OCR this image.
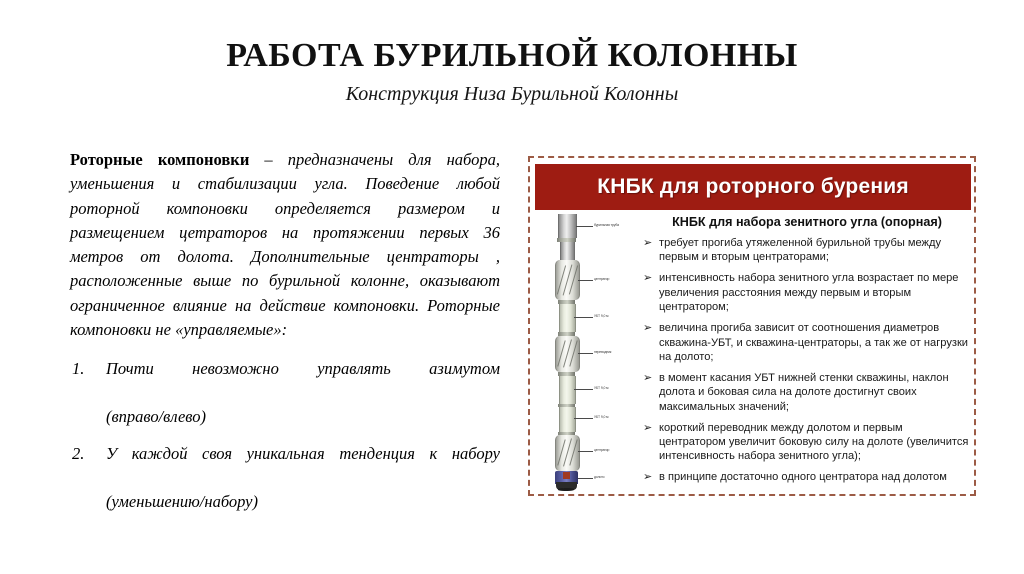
РАБОТА БУРИЛЬНОЙ КОЛОННЫ
Конструкция Низа Бурильной Колонны

Роторные компоновки – предназначены для набора, уменьшения и стабилизации угла. Поведение любой роторной компоновки определяется размером и размещением цетраторов на протяжении первых 36 метров от долота. Дополнительные центраторы , расположенные выше по бурильной колонне, оказывают ограниченное влияние на действие компоновки. Роторные компоновки не «управляемые»:

1. Почти невозможно управлять азимутом
(вправо/влево)
2. У каждой своя уникальная тенденция к набору
(уменьшению/набору)
КНБК для роторного бурения
бурильная труба
центратор
УБТ 9,0 м
переводник
УБТ 9,0 м
УБТ 9,0 м
центратор
долото
КНБК для набора зенитного угла (опорная)
➢ требует прогиба утяжеленной бурильной трубы между первым и вторым центраторами;
➢ интенсивность набора зенитного угла возрастает по мере увеличения расстояния между первым и вторым центратором;
➢ величина прогиба зависит от соотношения диаметров скважина-УБТ, и скважина-центраторы, а так же от нагрузки на долото;
➢ в момент касания УБТ нижней стенки скважины, наклон долота и боковая сила на долоте достигнут своих максимальных значений;
➢ короткий переводник между долотом и первым центратором увеличит боковую силу на долоте (увеличится интенсивность набора зенитного угла);
➢ в принципе достаточно одного центратора над долотом
